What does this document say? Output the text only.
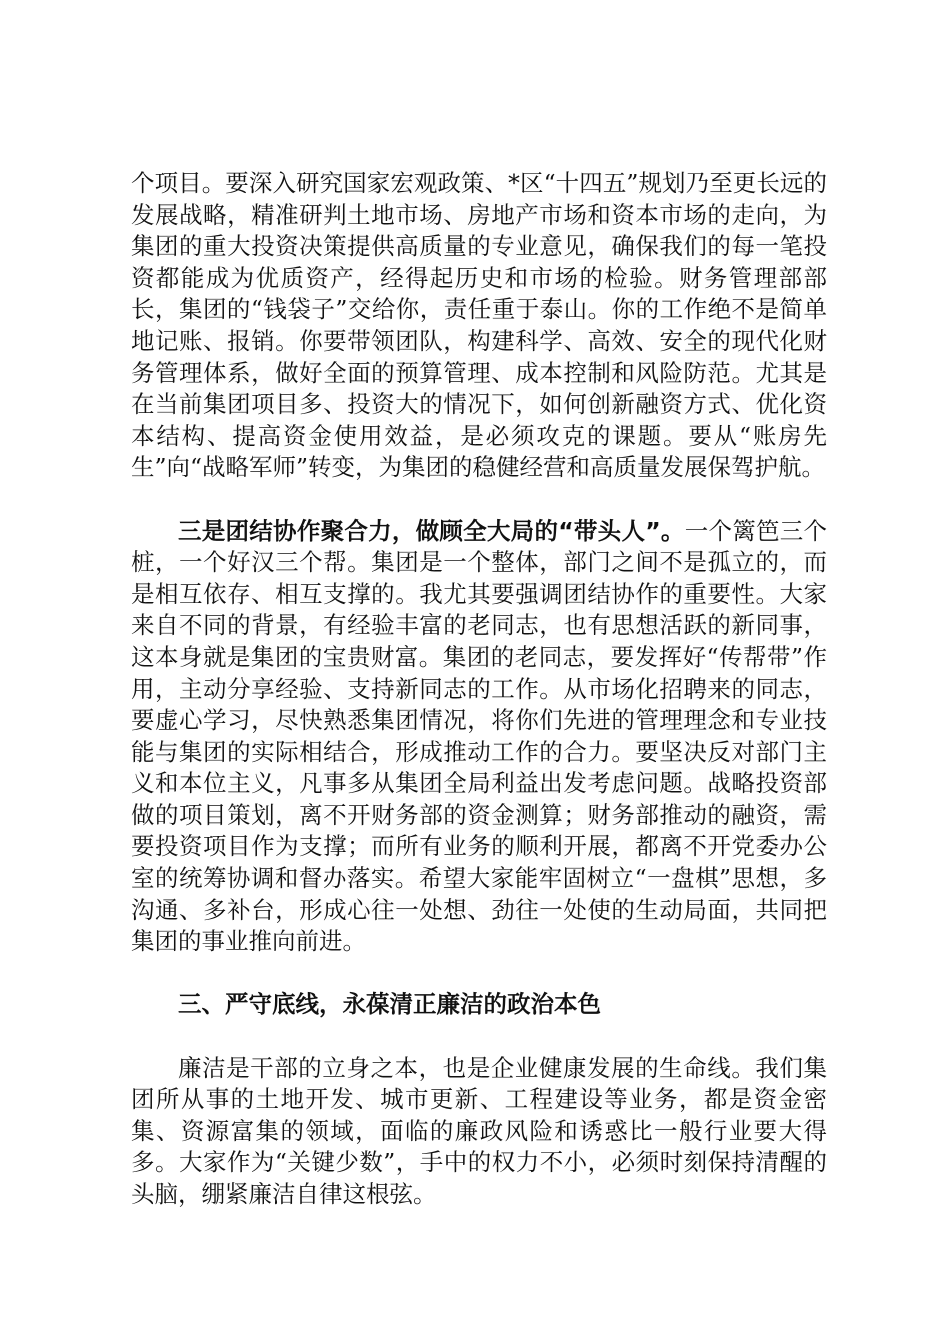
个项目。要深入研究国家宏观政策、*区“十四五”规划乃至更长远的发展战略，精准研判土地市场、房地产市场和资本市场的走向，为集团的重大投资决策提供高质量的专业意见，确保我们的每一笔投资都能成为优质资产，经得起历史和市场的检验。财务管理部部长，集团的“钱袋子”交给你，责任重于泰山。你的工作绝不是简单地记账、报销。你要带领团队，构建科学、高效、安全的现代化财务管理体系，做好全面的预算管理、成本控制和风险防范。尤其是在当前集团项目多、投资大的情况下，如何创新融资方式、优化资本结构、提高资金使用效益，是必须攻克的课题。要从“账房先生”向“战略军师”转变，为集团的稳健经营和高质量发展保驾护航。

三是团结协作聚合力，做顾全大局的“带头人”。一个篱笆三个桩，一个好汉三个帮。集团是一个整体，部门之间不是孤立的，而是相互依存、相互支撑的。我尤其要强调团结协作的重要性。大家来自不同的背景，有经验丰富的老同志，也有思想活跃的新同事，这本身就是集团的宝贵财富。集团的老同志，要发挥好“传帮带”作用，主动分享经验、支持新同志的工作。从市场化招聘来的同志，要虚心学习，尽快熟悉集团情况，将你们先进的管理理念和专业技能与集团的实际相结合，形成推动工作的合力。要坚决反对部门主义和本位主义，凡事多从集团全局利益出发考虑问题。战略投资部做的项目策划，离不开财务部的资金测算；财务部推动的融资，需要投资项目作为支撑；而所有业务的顺利开展，都离不开党委办公室的统筹协调和督办落实。希望大家能牢固树立“一盘棋”思想，多沟通、多补台，形成心往一处想、劲往一处使的生动局面，共同把集团的事业推向前进。

三、严守底线，永葆清正廉洁的政治本色

廉洁是干部的立身之本，也是企业健康发展的生命线。我们集团所从事的土地开发、城市更新、工程建设等业务，都是资金密集、资源富集的领域，面临的廉政风险和诱惑比一般行业要大得多。大家作为“关键少数”，手中的权力不小，必须时刻保持清醒的头脑，绷紧廉洁自律这根弦。
